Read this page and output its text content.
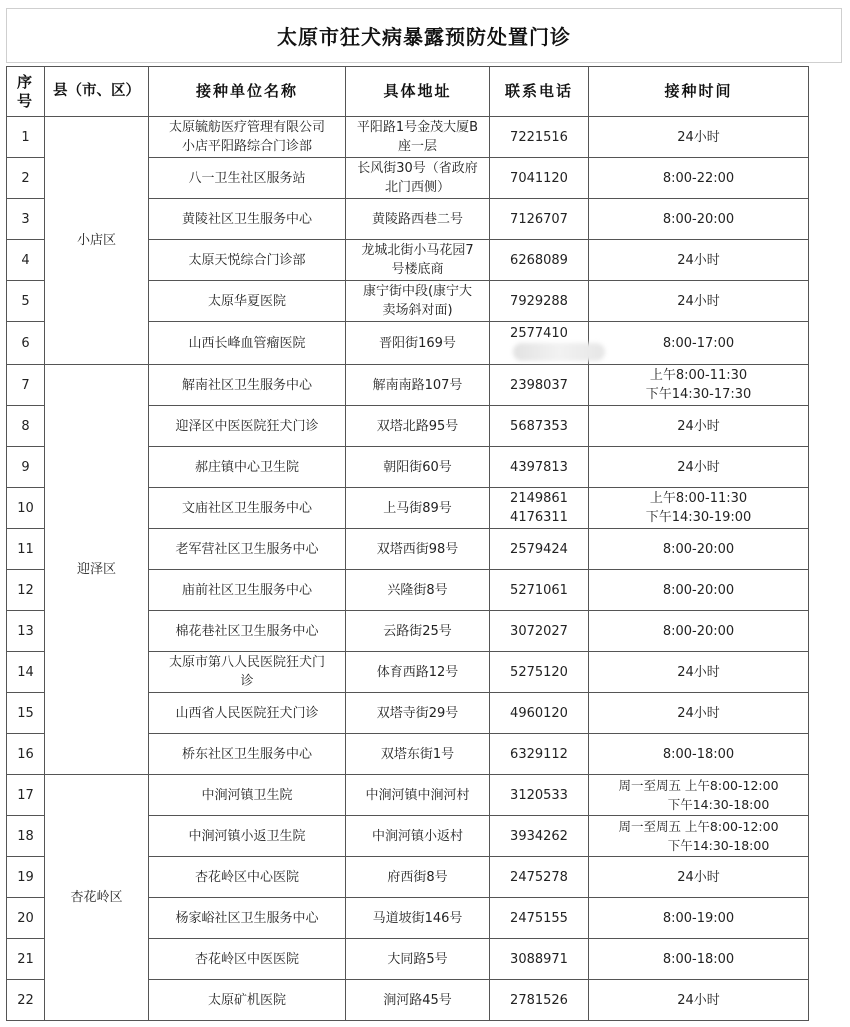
太原市狂犬病暴露预防处置门诊
序号	县（市、区）	接种单位名称	具体地址	联系电话	接种时间
1	小店区	太原毓舫医疗管理有限公司
小店平阳路综合门诊部	平阳路1号金茂大厦B
座一层	7221516	24小时

2		八一卫生社区服务站	长风街30号（省政府
北门西侧）	7041120	8:00-22:00

3		黄陵社区卫生服务中心	黄陵路西巷二号	7126707	8:00-20:00

4		太原天悦综合门诊部	龙城北街小马花园7
号楼底商	6268089	24小时

5		太原华夏医院	康宁街中段(康宁大
卖场斜对面)	7929288	24小时

6		山西长峰血管瘤医院	晋阳街169号	2577410	8:00-17:00

7	迎泽区	解南社区卫生服务中心	解南南路107号	2398037	上午8:00-11:30
下午14:30-17:30

8		迎泽区中医医院狂犬门诊	双塔北路95号	5687353	24小时

9		郝庄镇中心卫生院	朝阳街60号	4397813	24小时

10		文庙社区卫生服务中心	上马街89号	2149861
4176311	上午8:00-11:30
下午14:30-19:00

11		老军营社区卫生服务中心	双塔西街98号	2579424	8:00-20:00

12		庙前社区卫生服务中心	兴隆街8号	5271061	8:00-20:00

13		棉花巷社区卫生服务中心	云路街25号	3072027	8:00-20:00

14		太原市第八人民医院狂犬门
诊	体育西路12号	5275120	24小时

15		山西省人民医院狂犬门诊	双塔寺街29号	4960120	24小时

16		桥东社区卫生服务中心	双塔东街1号	6329112	8:00-18:00

17	杏花岭区	中涧河镇卫生院	中涧河镇中涧河村	3120533	周一至周五 上午8:00-12:00
下午14:30-18:00

18		中涧河镇小返卫生院	中涧河镇小返村	3934262	周一至周五 上午8:00-12:00
下午14:30-18:00

19		杏花岭区中心医院	府西街8号	2475278	24小时

20		杨家峪社区卫生服务中心	马道坡街146号	2475155	8:00-19:00

21		杏花岭区中医医院	大同路5号	3088971	8:00-18:00

22		太原矿机医院	涧河路45号	2781526	24小时
